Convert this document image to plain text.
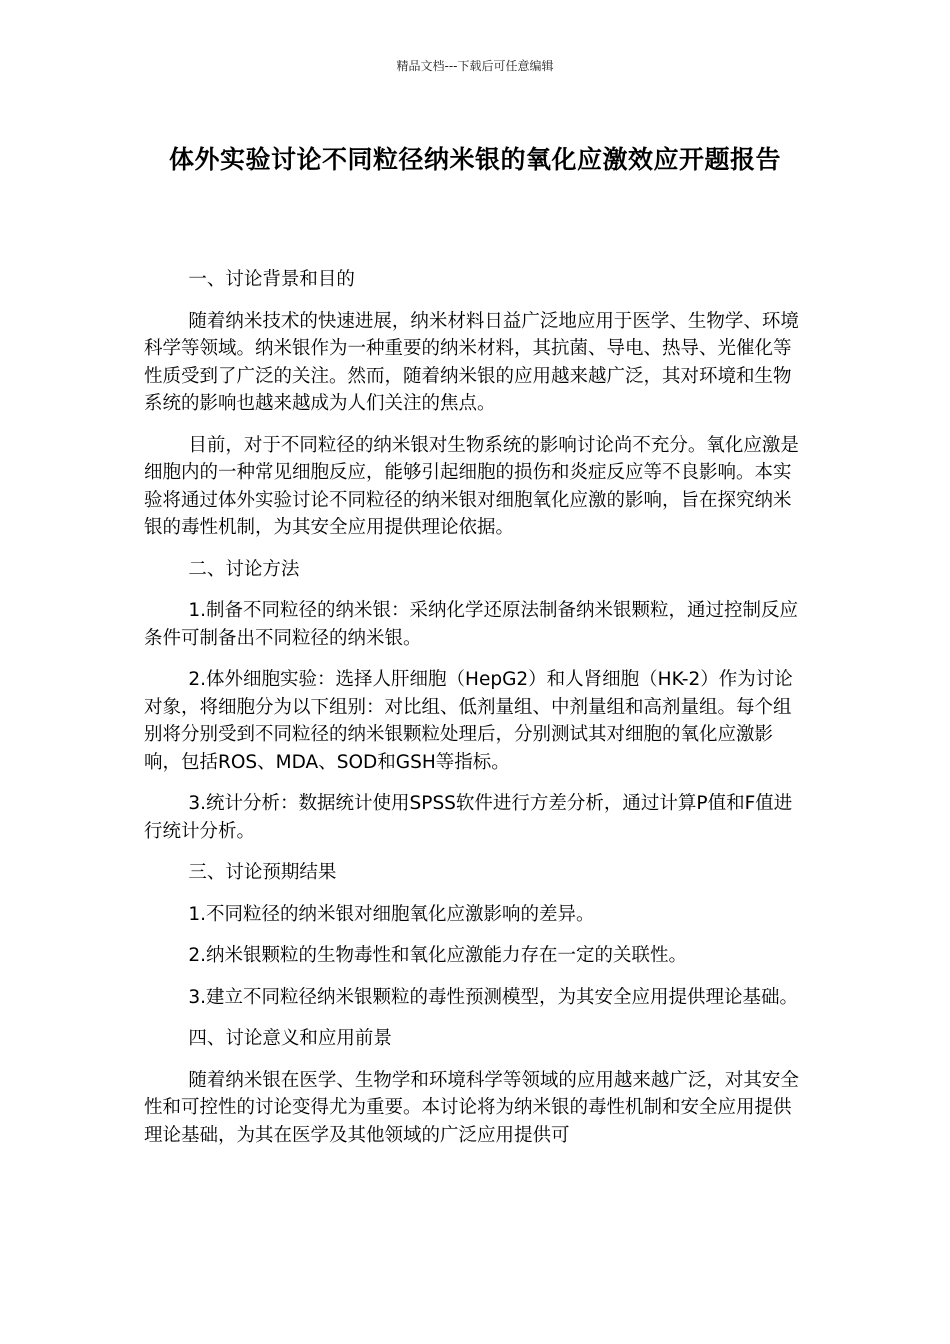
精品文档---下载后可任意编辑
体外实验讨论不同粒径纳米银的氧化应激效应开题报告

一、讨论背景和目的

随着纳米技术的快速进展，纳米材料日益广泛地应用于医学、生物学、环境科学等领域。纳米银作为一种重要的纳米材料，其抗菌、导电、热导、光催化等性质受到了广泛的关注。然而，随着纳米银的应用越来越广泛，其对环境和生物系统的影响也越来越成为人们关注的焦点。

目前，对于不同粒径的纳米银对生物系统的影响讨论尚不充分。氧化应激是细胞内的一种常见细胞反应，能够引起细胞的损伤和炎症反应等不良影响。本实验将通过体外实验讨论不同粒径的纳米银对细胞氧化应激的影响，旨在探究纳米银的毒性机制，为其安全应用提供理论依据。

二、讨论方法

1.制备不同粒径的纳米银：采纳化学还原法制备纳米银颗粒，通过控制反应条件可制备出不同粒径的纳米银。

2.体外细胞实验：选择人肝细胞（HepG2）和人肾细胞（HK-2）作为讨论对象，将细胞分为以下组别：对比组、低剂量组、中剂量组和高剂量组。每个组别将分别受到不同粒径的纳米银颗粒处理后，分别测试其对细胞的氧化应激影响，包括ROS、MDA、SOD和GSH等指标。

3.统计分析：数据统计使用SPSS软件进行方差分析，通过计算P值和F值进行统计分析。

三、讨论预期结果

1.不同粒径的纳米银对细胞氧化应激影响的差异。

2.纳米银颗粒的生物毒性和氧化应激能力存在一定的关联性。

3.建立不同粒径纳米银颗粒的毒性预测模型，为其安全应用提供理论基础。

四、讨论意义和应用前景

随着纳米银在医学、生物学和环境科学等领域的应用越来越广泛，对其安全性和可控性的讨论变得尤为重要。本讨论将为纳米银的毒性机制和安全应用提供理论基础，为其在医学及其他领域的广泛应用提供可
